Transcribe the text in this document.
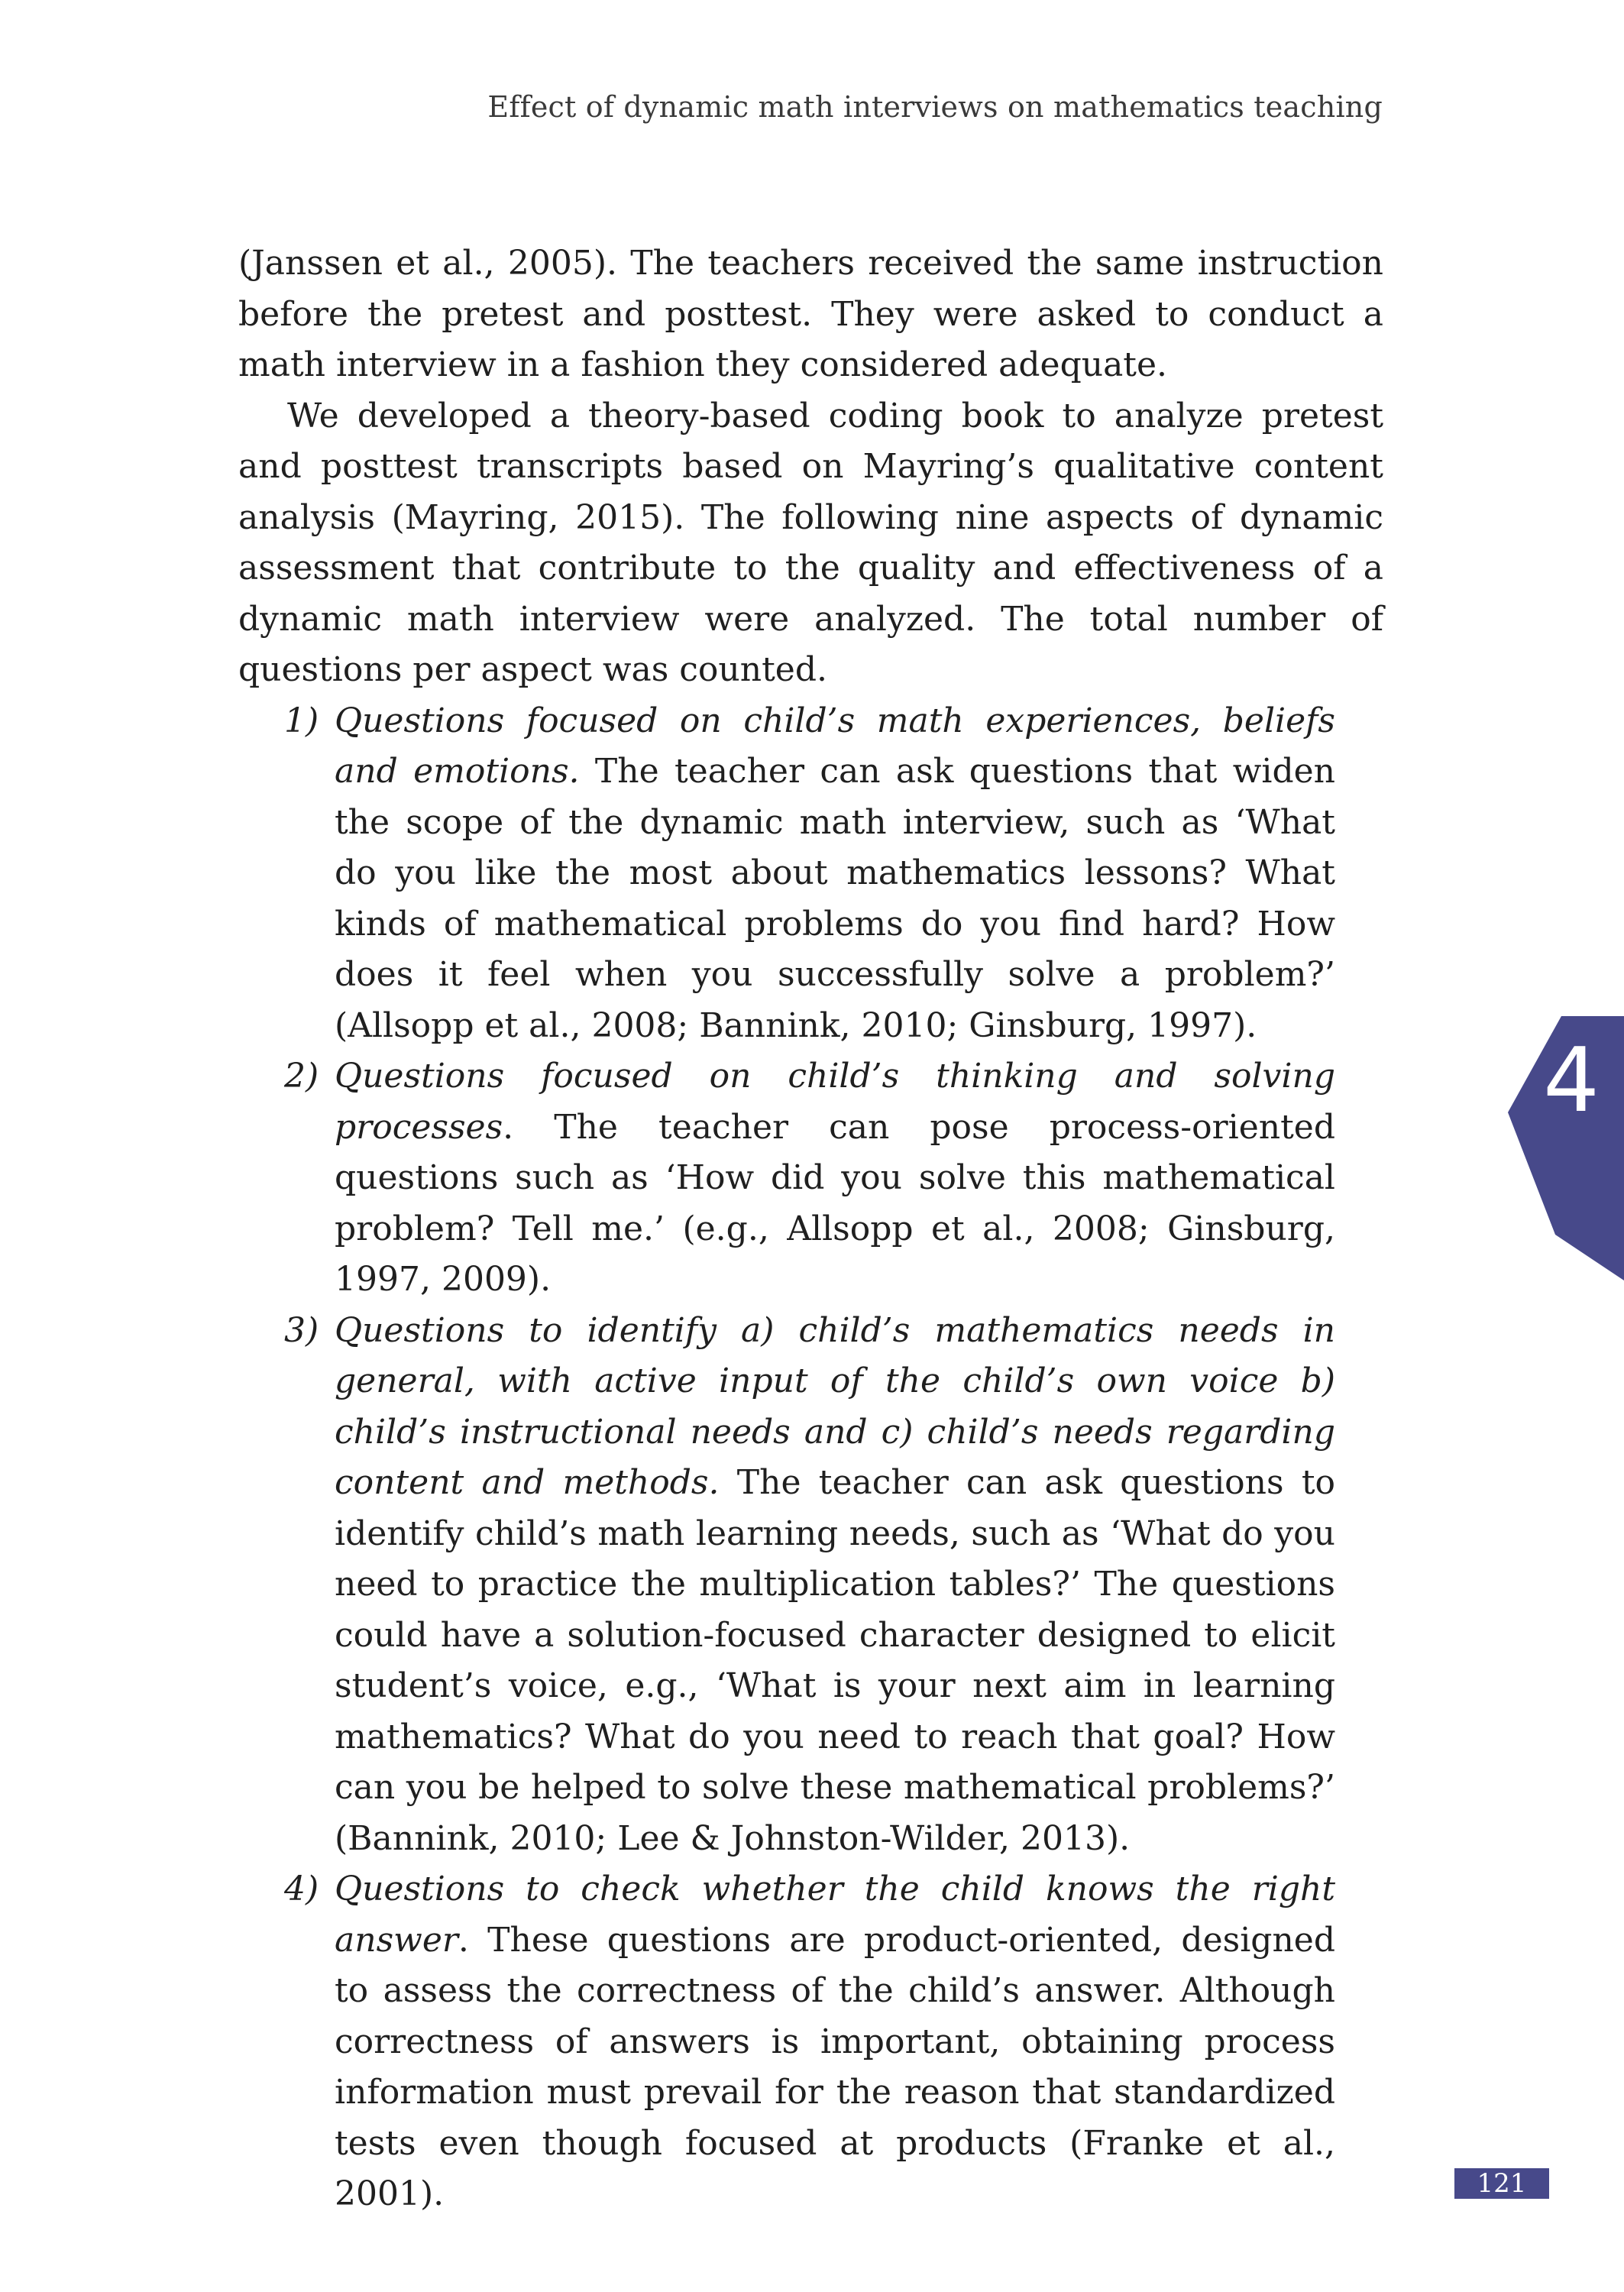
Effect of dynamic math interviews on mathematics teaching

(Janssen et al., 2005). The teachers received the same instruction before the pretest and posttest. They were asked to conduct a math interview in a fashion they considered adequate.

We developed a theory-based coding book to analyze pretest and posttest transcripts based on Mayring’s qualitative content analysis (Mayring, 2015). The following nine aspects of dynamic assessment that contribute to the quality and effectiveness of a dynamic math interview were analyzed. The total number of questions per aspect was counted.

1) Questions focused on child’s math experiences, beliefs and emotions. The teacher can ask questions that widen the scope of the dynamic math interview, such as ‘What do you like the most about mathematics lessons? What kinds of mathematical problems do you find hard? How does it feel when you successfully solve a problem?’ (Allsopp et al., 2008; Bannink, 2010; Ginsburg, 1997).
2) Questions focused on child’s thinking and solving processes. The teacher can pose process-oriented questions such as ‘How did you solve this mathematical problem? Tell me.’ (e.g., Allsopp et al., 2008; Ginsburg, 1997, 2009).
3) Questions to identify a) child’s mathematics needs in general, with active input of the child’s own voice b) child’s instructional needs and c) child’s needs regarding content and methods. The teacher can ask questions to identify child’s math learning needs, such as ‘What do you need to practice the multiplication tables?’ The questions could have a solution-focused character designed to elicit student’s voice, e.g., ‘What is your next aim in learning mathematics? What do you need to reach that goal? How can you be helped to solve these mathematical problems?’ (Bannink, 2010; Lee & Johnston-Wilder, 2013).
4) Questions to check whether the child knows the right answer. These questions are product-oriented, designed to assess the correctness of the child’s answer. Although correctness of answers is important, obtaining process information must prevail for the reason that standardized tests even though focused at products (Franke et al., 2001).
4
121
